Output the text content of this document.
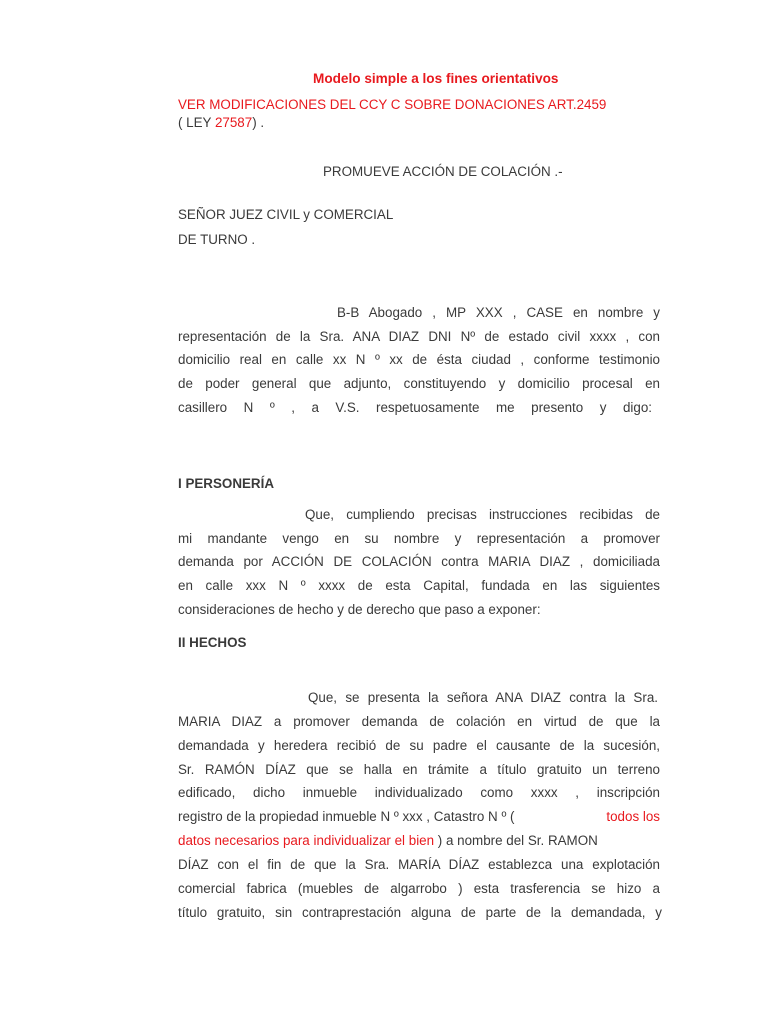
Modelo simple a los fines orientativos
VER MODIFICACIONES DEL CCY C SOBRE DONACIONES ART.2459
( LEY 27587) .
PROMUEVE ACCIÓN DE COLACIÓN .-
SEÑOR JUEZ CIVIL y COMERCIAL
DE TURNO .
B-B Abogado , MP XXX , CASE en nombre y
representación de la Sra. ANA DIAZ DNI Nº de estado civil xxxx , con
domicilio real en calle xx N º xx de ésta ciudad , conforme testimonio
de poder general que adjunto, constituyendo y domicilio procesal en
casillero N º , a V.S. respetuosamente me presento y digo:
I PERSONERÍA
Que, cumpliendo precisas instrucciones recibidas de
mi mandante vengo en su nombre y representación a promover
demanda por ACCIÓN DE COLACIÓN contra MARIA DIAZ , domiciliada
en calle xxx N º xxxx de esta Capital, fundada en las siguientes
consideraciones de hecho y de derecho que paso a exponer:
II HECHOS
Que, se presenta la señora ANA DIAZ contra la Sra.
MARIA DIAZ a promover demanda de colación en virtud de que la
demandada y heredera recibió de su padre el causante de la sucesión,
Sr. RAMÓN DÍAZ que se halla en trámite a título gratuito un terreno
edificado, dicho inmueble individualizado como xxxx , inscripción
registro de la propiedad inmueble N º xxx , Catastro N º (	todos los
datos necesarios para individualizar el bien ) a nombre del Sr. RAMON
DÍAZ con el fin de que la Sra. MARÍA DÍAZ establezca una explotación
comercial fabrica (muebles de algarrobo ) esta trasferencia se hizo a
título gratuito, sin contraprestación alguna de parte de la demandada, y
